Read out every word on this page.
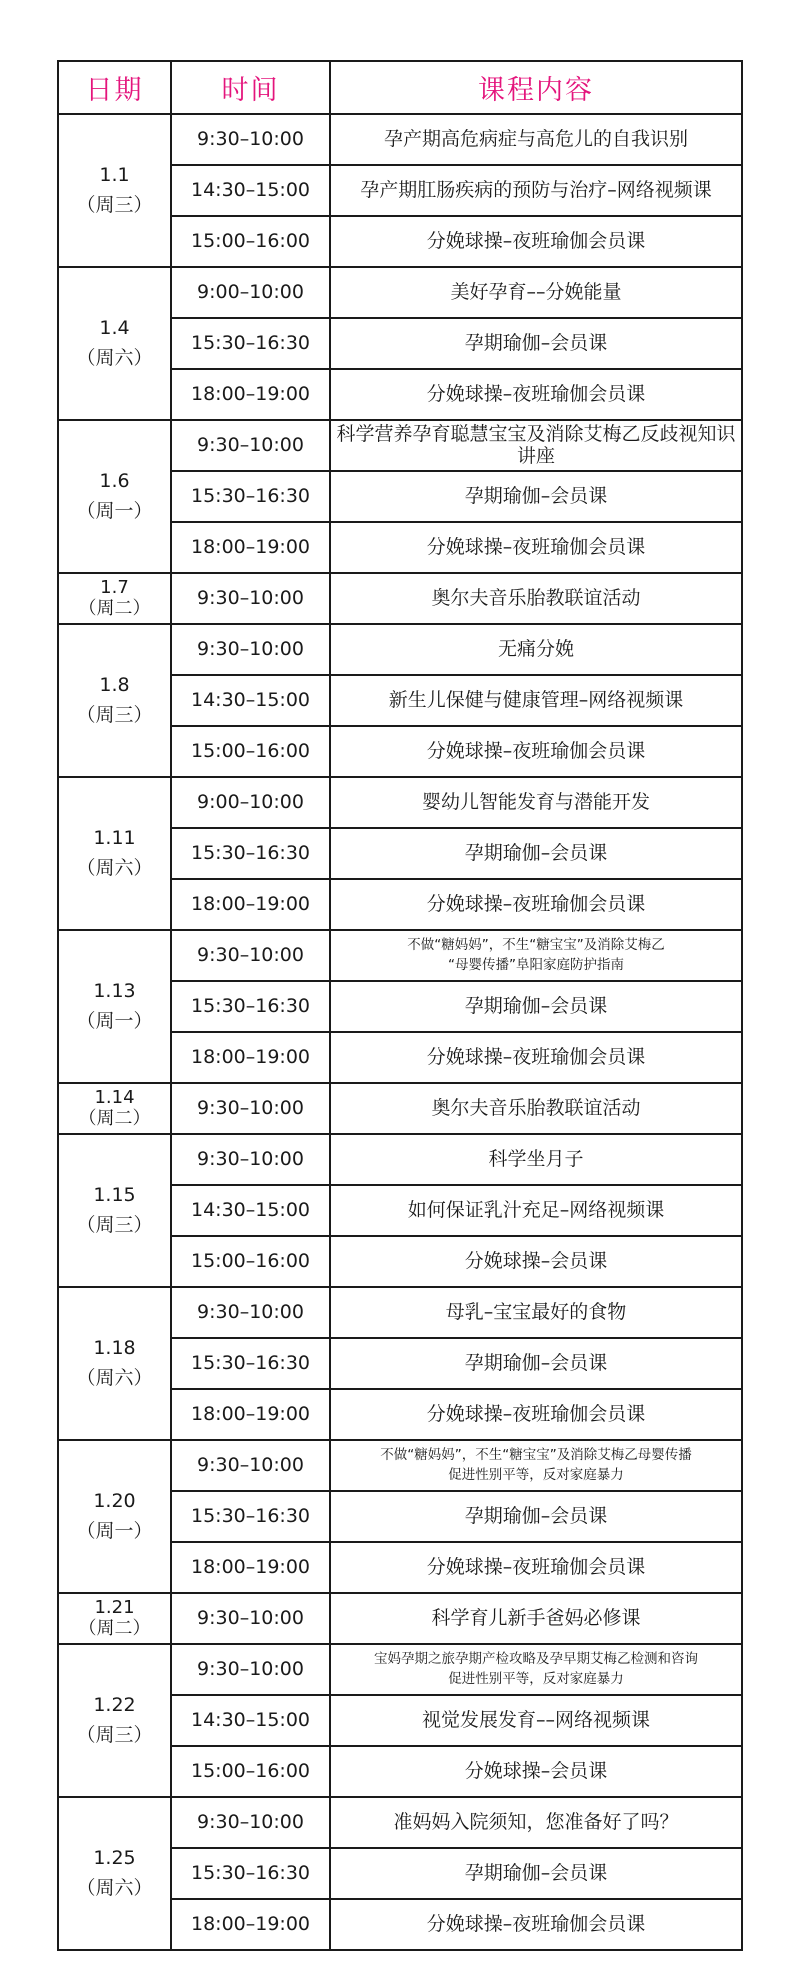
日期	时间	课程内容

1.1
（周三）	9:30–10:00	孕产期高危病症与高危儿的自我识别

	14:30–15:00	孕产期肛肠疾病的预防与治疗–网络视频课

	15:00–16:00	分娩球操–夜班瑜伽会员课

1.4
（周六）	9:00–10:00	美好孕育––分娩能量

	15:30–16:30	孕期瑜伽–会员课

	18:00–19:00	分娩球操–夜班瑜伽会员课

1.6
（周一）	9:30–10:00	科学营养孕育聪慧宝宝及消除艾梅乙反歧视知识讲座

	15:30–16:30	孕期瑜伽–会员课

	18:00–19:00	分娩球操–夜班瑜伽会员课

1.7
（周二）	9:30–10:00	奥尔夫音乐胎教联谊活动

1.8
（周三）	9:30–10:00	无痛分娩

	14:30–15:00	新生儿保健与健康管理–网络视频课

	15:00–16:00	分娩球操–夜班瑜伽会员课

1.11
（周六）	9:00–10:00	婴幼儿智能发育与潜能开发

	15:30–16:30	孕期瑜伽–会员课

	18:00–19:00	分娩球操–夜班瑜伽会员课

1.13
（周一）	9:30–10:00	不做“糖妈妈”，不生“糖宝宝”及消除艾梅乙
“母婴传播”阜阳家庭防护指南

	15:30–16:30	孕期瑜伽–会员课

	18:00–19:00	分娩球操–夜班瑜伽会员课

1.14
（周二）	9:30–10:00	奥尔夫音乐胎教联谊活动

1.15
（周三）	9:30–10:00	科学坐月子

	14:30–15:00	如何保证乳汁充足–网络视频课

	15:00–16:00	分娩球操–会员课

1.18
（周六）	9:30–10:00	母乳–宝宝最好的食物

	15:30–16:30	孕期瑜伽–会员课

	18:00–19:00	分娩球操–夜班瑜伽会员课

1.20
（周一）	9:30–10:00	不做“糖妈妈”，不生“糖宝宝”及消除艾梅乙母婴传播
促进性别平等，反对家庭暴力

	15:30–16:30	孕期瑜伽–会员课

	18:00–19:00	分娩球操–夜班瑜伽会员课

1.21
（周二）	9:30–10:00	科学育儿新手爸妈必修课

1.22
（周三）	9:30–10:00	宝妈孕期之旅孕期产检攻略及孕早期艾梅乙检测和咨询
促进性别平等，反对家庭暴力

	14:30–15:00	视觉发展发育––网络视频课

	15:00–16:00	分娩球操–会员课

1.25
（周六）	9:30–10:00	准妈妈入院须知，您准备好了吗？

	15:30–16:30	孕期瑜伽–会员课

	18:00–19:00	分娩球操–夜班瑜伽会员课
